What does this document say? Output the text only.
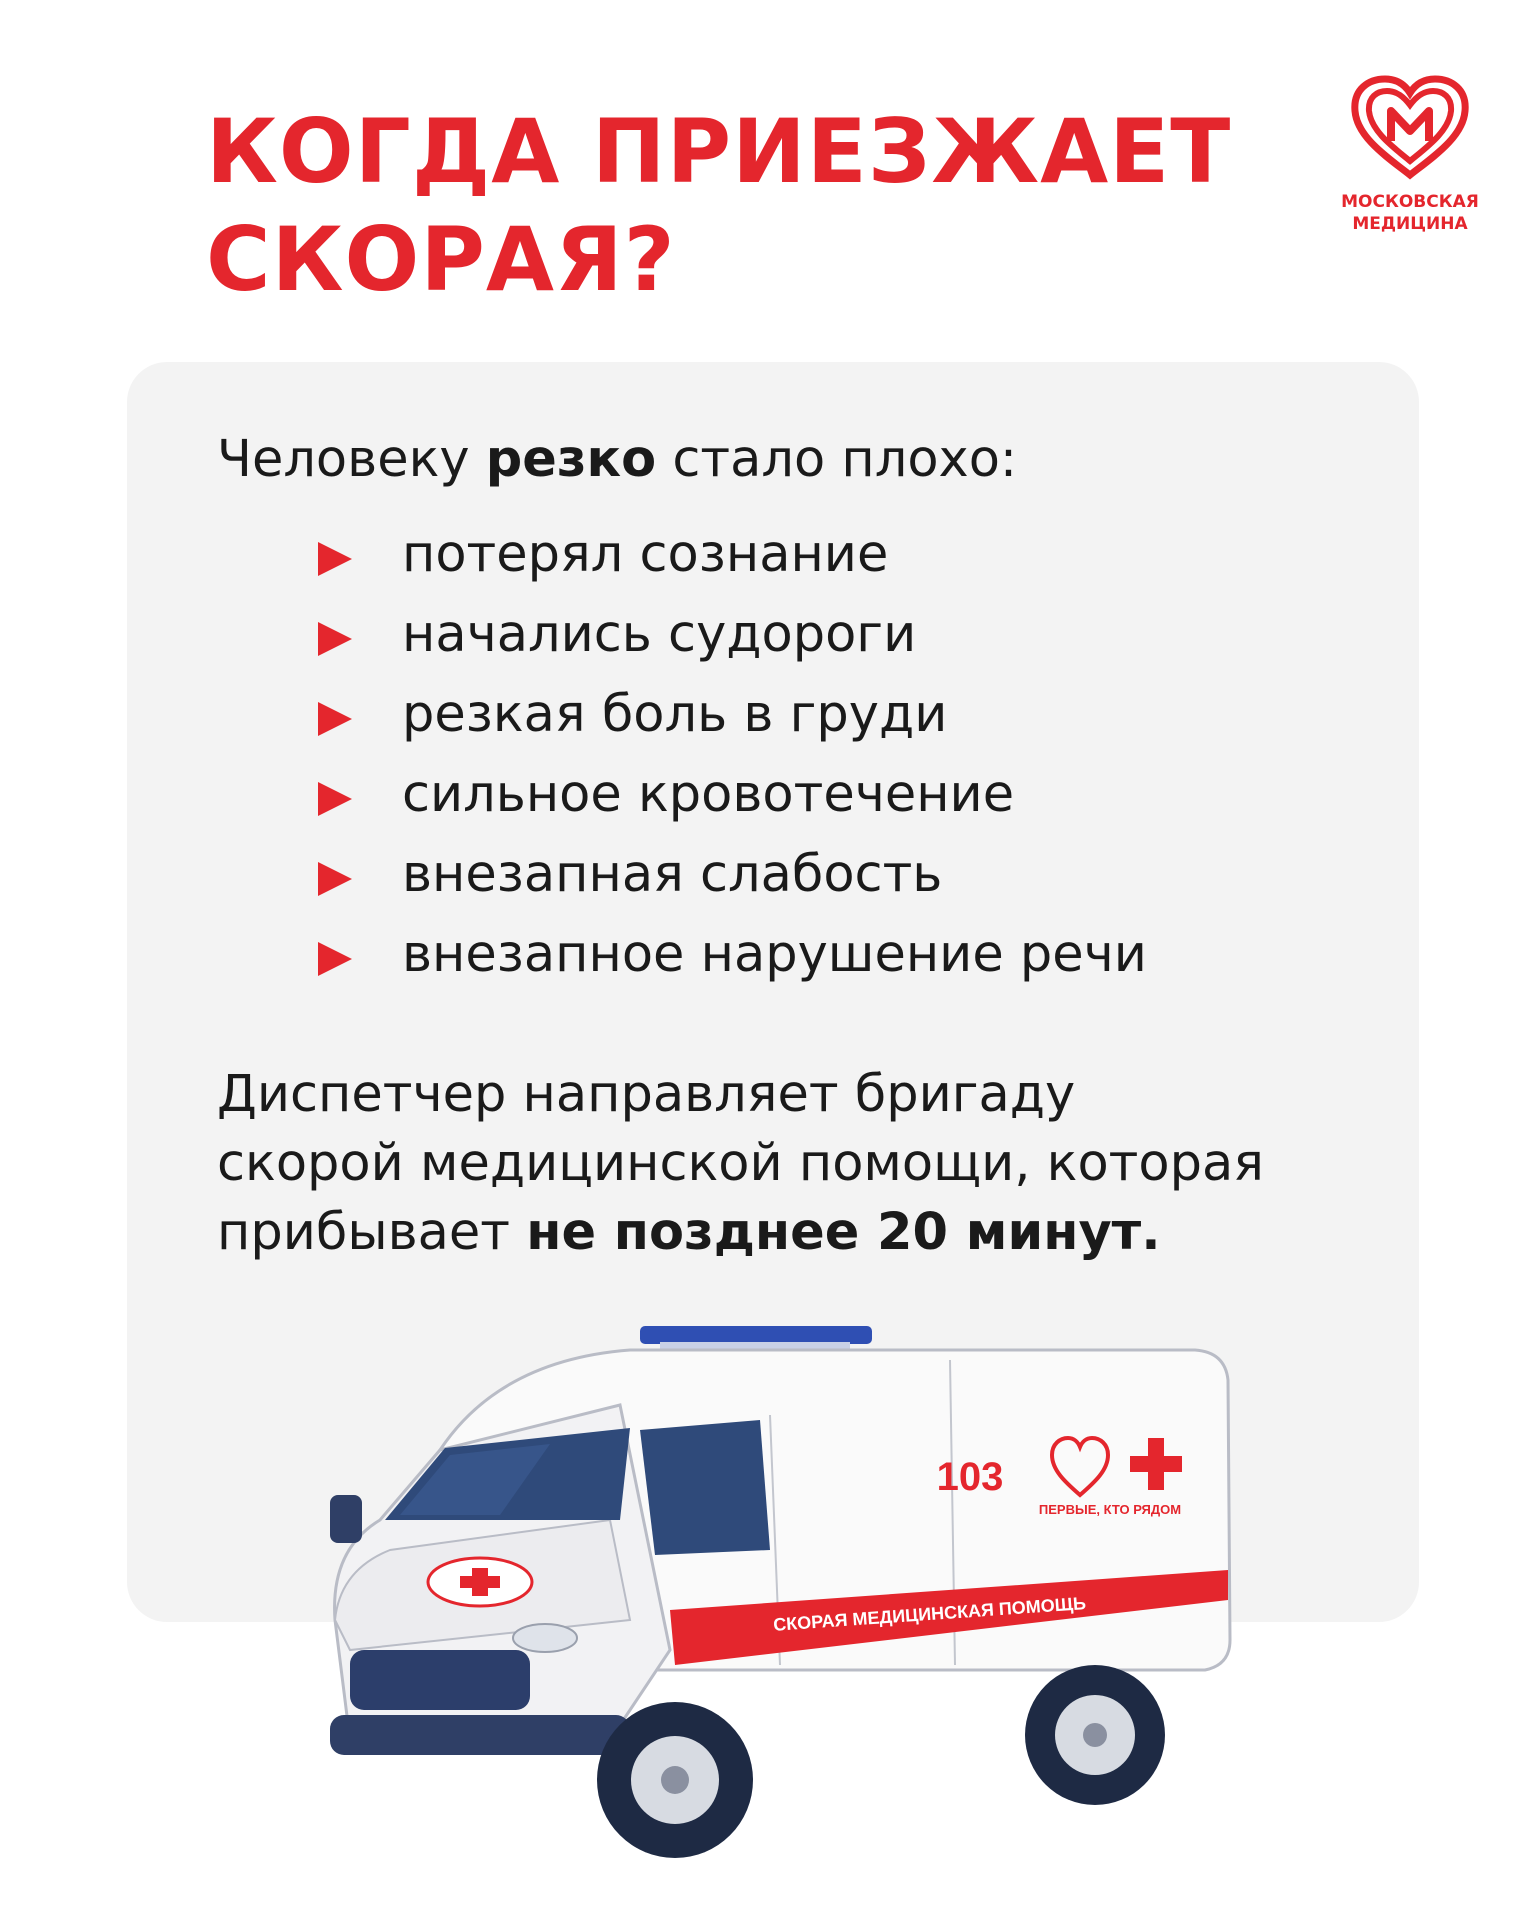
КОГДА ПРИЕЗЖАЕТ
СКОРАЯ?
МОСКОВСКАЯ
МЕДИЦИНА

Человеку резко стало плохо:

потерял сознание
начались судороги
резкая боль в груди
сильное кровотечение
внезапная слабость
внезапное нарушение речи

Диспетчер направляет бригаду
скорой медицинской помощи, которая
прибывает не позднее 20 минут.

СКОРАЯ МЕДИЦИНСКАЯ ПОМОЩЬ
103
ПЕРВЫЕ, КТО РЯДОМ
